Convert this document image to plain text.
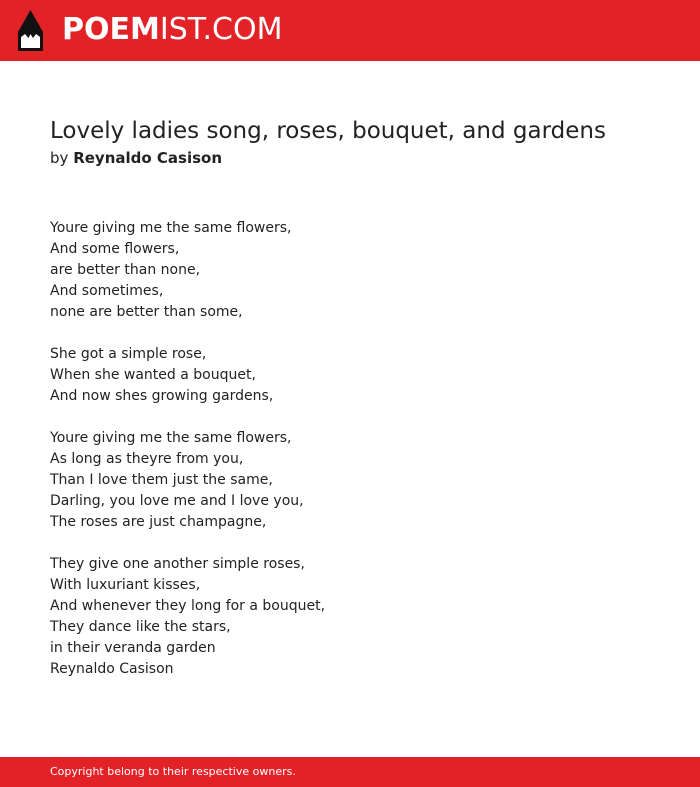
POEMIST.COM
Lovely ladies song, roses, bouquet, and gardens
by Reynaldo Casison
Youre giving me the same flowers,
And some flowers,
are better than none,
And sometimes,
none are better than some,
She got a simple rose,
When she wanted a bouquet,
And now shes growing gardens,
Youre giving me the same flowers,
As long as theyre from you,
Than I love them just the same,
Darling, you love me and I love you,
The roses are just champagne,
They give one another simple roses,
With luxuriant kisses,
And whenever they long for a bouquet,
They dance like the stars,
in their veranda garden
Reynaldo Casison
Copyright belong to their respective owners.
